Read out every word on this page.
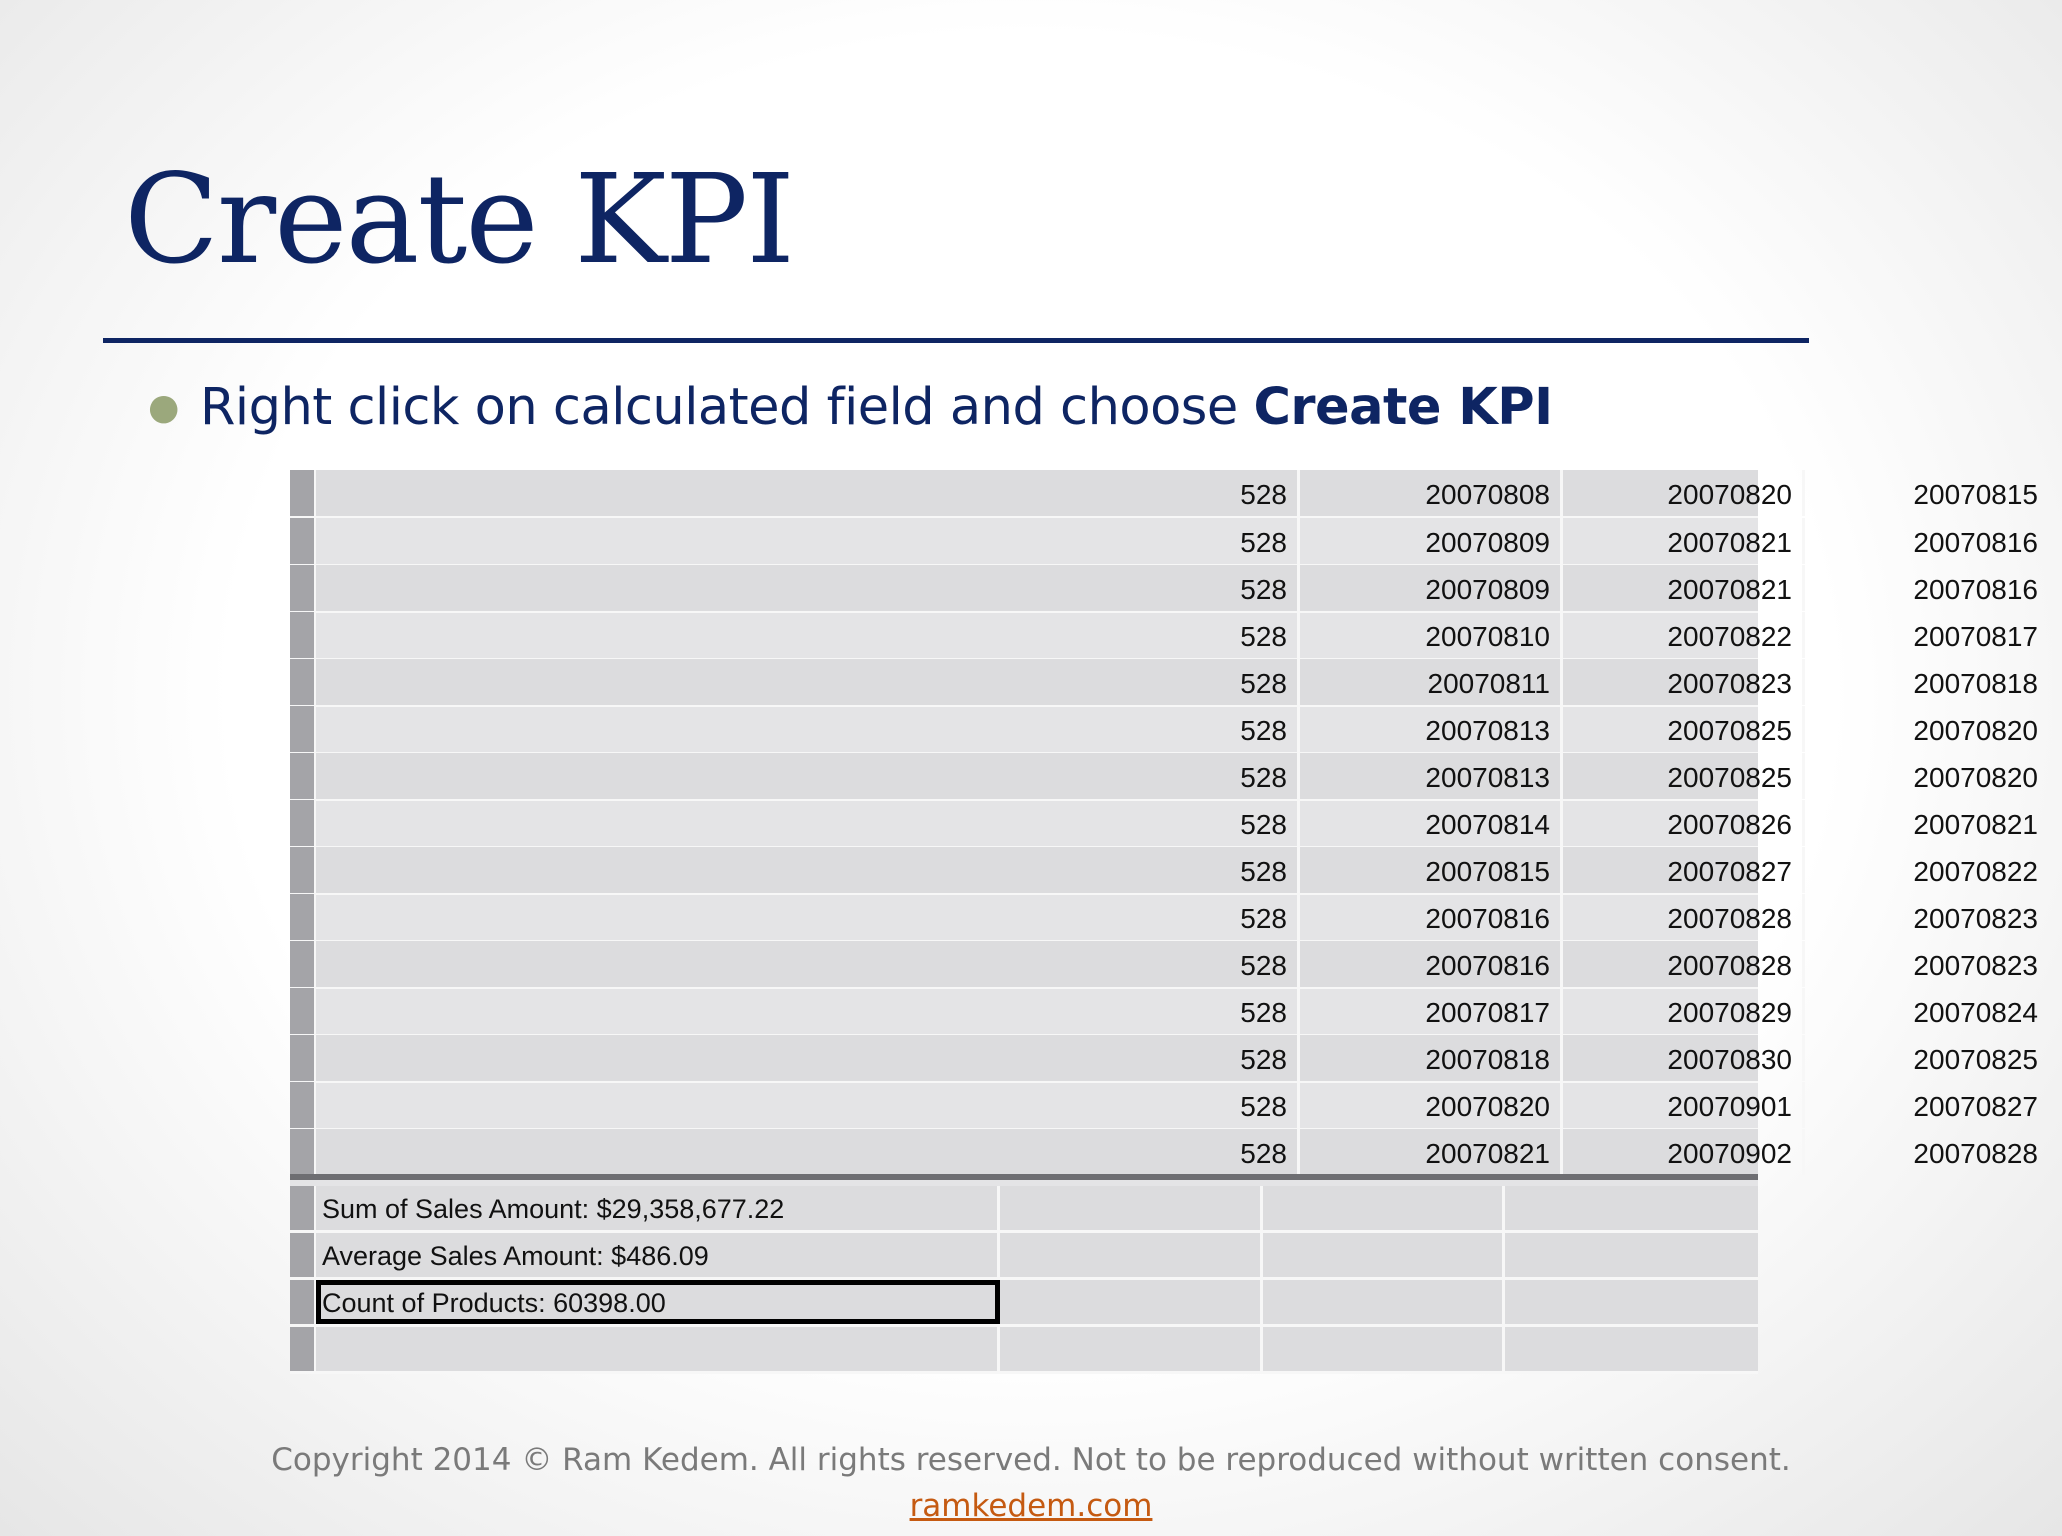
Create KPI
● Right click on calculated field and choose Create KPI
528	20070808	20070820	20070815
528	20070809	20070821	20070816
528	20070809	20070821	20070816
528	20070810	20070822	20070817
528	20070811	20070823	20070818
528	20070813	20070825	20070820
528	20070813	20070825	20070820
528	20070814	20070826	20070821
528	20070815	20070827	20070822
528	20070816	20070828	20070823
528	20070816	20070828	20070823
528	20070817	20070829	20070824
528	20070818	20070830	20070825
528	20070820	20070901	20070827
528	20070821	20070902	20070828
Sum of Sales Amount: $29,358,677.22
Average Sales Amount: $486.09
Count of Products: 60398.00
Copyright 2014 © Ram Kedem. All rights reserved. Not to be reproduced without written consent.
ramkedem.com
